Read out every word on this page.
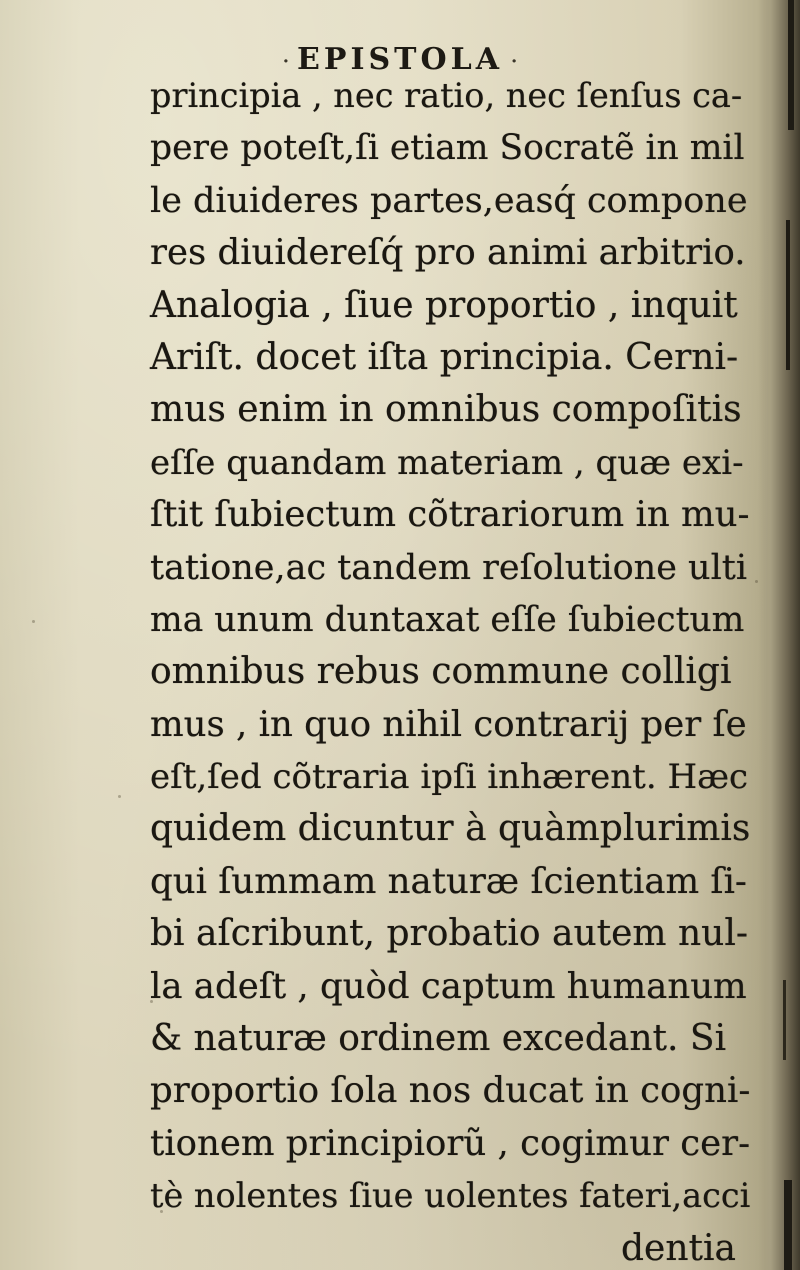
· EPISTOLA ·
principia , nec ratio, nec ſenſus ca-
pere poteſt,ſi etiam Socratẽ in mil
le diuideres partes,easq́ compone
res diuidereſq́ pro animi arbitrio.
Analogia , ſiue proportio , inquit
Ariſt. docet iſta principia. Cerni-
mus enim in omnibus compoſitis
eſſe quandam materiam , quæ exi-
ſtit ſubiectum cõtrariorum in mu-
tatione,ac tandem reſolutione ulti
ma unum duntaxat eſſe ſubiectum
omnibus rebus commune colligi
mus , in quo nihil contrarij per ſe
eſt,ſed cõtraria ipſi inhærent. Hæc
quidem dicuntur à quàmplurimis
qui ſummam naturæ ſcientiam ſi-
bi aſcribunt, probatio autem nul-
la adeſt , quòd captum humanum
& naturæ ordinem excedant. Si
proportio ſola nos ducat in cogni-
tionem principiorũ , cogimur cer-
tè nolentes ſiue uolentes fateri,acci
dentia
